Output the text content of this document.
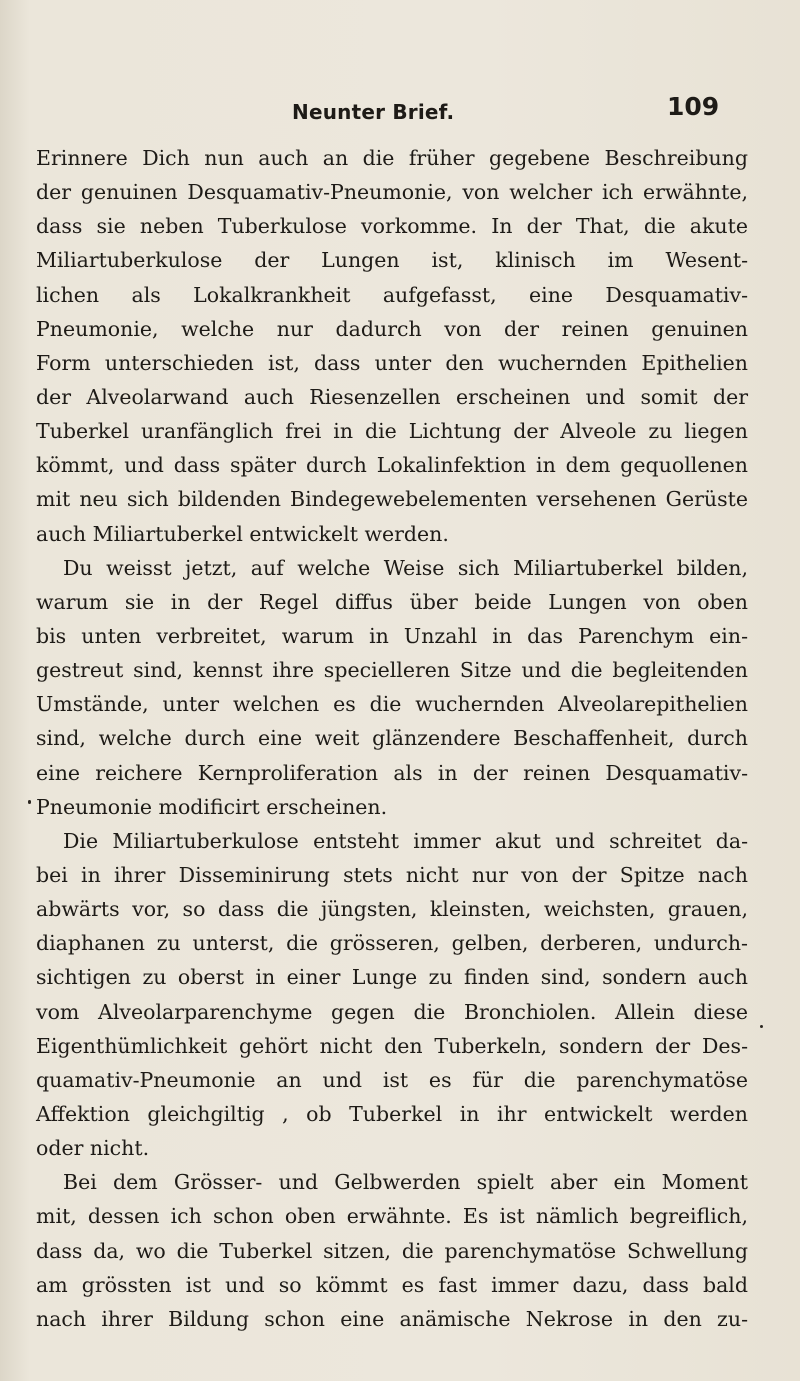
Neunter Brief.	109
Erinnere Dich nun auch an die früher gegebene Beschreibung
der genuinen Desquamativ-Pneumonie, von welcher ich erwähnte,
dass sie neben Tuberkulose vorkomme. In der That, die akute
Miliartuberkulose der Lungen ist, klinisch im Wesent-
lichen als Lokalkrankheit aufgefasst, eine Desquamativ-
Pneumonie, welche nur dadurch von der reinen genuinen
Form unterschieden ist, dass unter den wuchernden Epithelien
der Alveolarwand auch Riesenzellen erscheinen und somit der
Tuberkel uranfänglich frei in die Lichtung der Alveole zu liegen
kömmt, und dass später durch Lokalinfektion in dem gequollenen
mit neu sich bildenden Bindegewebelementen versehenen Gerüste
auch Miliartuberkel entwickelt werden.
Du weisst jetzt, auf welche Weise sich Miliartuberkel bilden,
warum sie in der Regel diffus über beide Lungen von oben
bis unten verbreitet, warum in Unzahl in das Parenchym ein-
gestreut sind, kennst ihre specielleren Sitze und die begleitenden
Umstände, unter welchen es die wuchernden Alveolarepithelien
sind, welche durch eine weit glänzendere Beschaffenheit, durch
eine reichere Kernproliferation als in der reinen Desquamativ-
Pneumonie modificirt erscheinen.
Die Miliartuberkulose entsteht immer akut und schreitet da-
bei in ihrer Disseminirung stets nicht nur von der Spitze nach
abwärts vor, so dass die jüngsten, kleinsten, weichsten, grauen,
diaphanen zu unterst, die grösseren, gelben, derberen, undurch-
sichtigen zu oberst in einer Lunge zu finden sind, sondern auch
vom Alveolarparenchyme gegen die Bronchiolen. Allein diese
Eigenthümlichkeit gehört nicht den Tuberkeln, sondern der Des-
quamativ-Pneumonie an und ist es für die parenchymatöse
Affektion gleichgiltig , ob Tuberkel in ihr entwickelt werden
oder nicht.
Bei dem Grösser- und Gelbwerden spielt aber ein Moment
mit, dessen ich schon oben erwähnte. Es ist nämlich begreiflich,
dass da, wo die Tuberkel sitzen, die parenchymatöse Schwellung
am grössten ist und so kömmt es fast immer dazu, dass bald
nach ihrer Bildung schon eine anämische Nekrose in den zu-
